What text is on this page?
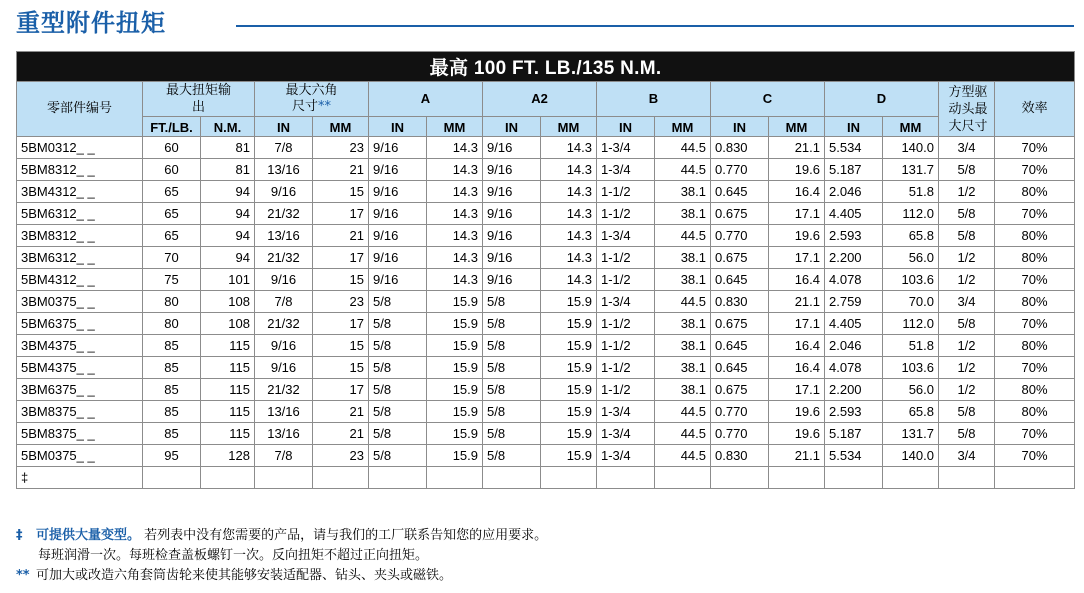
重型附件扭矩
最高 100 FT. LB./135 N.M.																
零部件编号	最大扭矩输出		最大六角
尺寸**		A		A2		B		C		D		方型驱动头最大尺寸	效率
	FT./LB.	N.M.	IN	MM	IN	MM	IN	MM	IN	MM	IN	MM	IN	MM		
5BM0312_ _	60	81	7/8	23	9/16	14.3	9/16	14.3	1-3/4	44.5	0.830	21.1	5.534	140.0	3/4	70%
5BM8312_ _	60	81	13/16	21	9/16	14.3	9/16	14.3	1-3/4	44.5	0.770	19.6	5.187	131.7	5/8	70%
3BM4312_ _	65	94	9/16	15	9/16	14.3	9/16	14.3	1-1/2	38.1	0.645	16.4	2.046	51.8	1/2	80%
5BM6312_ _	65	94	21/32	17	9/16	14.3	9/16	14.3	1-1/2	38.1	0.675	17.1	4.405	112.0	5/8	70%
3BM8312_ _	65	94	13/16	21	9/16	14.3	9/16	14.3	1-3/4	44.5	0.770	19.6	2.593	65.8	5/8	80%
3BM6312_ _	70	94	21/32	17	9/16	14.3	9/16	14.3	1-1/2	38.1	0.675	17.1	2.200	56.0	1/2	80%
5BM4312_ _	75	101	9/16	15	9/16	14.3	9/16	14.3	1-1/2	38.1	0.645	16.4	4.078	103.6	1/2	70%
3BM0375_ _	80	108	7/8	23	5/8	15.9	5/8	15.9	1-3/4	44.5	0.830	21.1	2.759	70.0	3/4	80%
5BM6375_ _	80	108	21/32	17	5/8	15.9	5/8	15.9	1-1/2	38.1	0.675	17.1	4.405	112.0	5/8	70%
3BM4375_ _	85	115	9/16	15	5/8	15.9	5/8	15.9	1-1/2	38.1	0.645	16.4	2.046	51.8	1/2	80%
5BM4375_ _	85	115	9/16	15	5/8	15.9	5/8	15.9	1-1/2	38.1	0.645	16.4	4.078	103.6	1/2	70%
3BM6375_ _	85	115	21/32	17	5/8	15.9	5/8	15.9	1-1/2	38.1	0.675	17.1	2.200	56.0	1/2	80%
3BM8375_ _	85	115	13/16	21	5/8	15.9	5/8	15.9	1-3/4	44.5	0.770	19.6	2.593	65.8	5/8	80%
5BM8375_ _	85	115	13/16	21	5/8	15.9	5/8	15.9	1-3/4	44.5	0.770	19.6	5.187	131.7	5/8	70%
5BM0375_ _	95	128	7/8	23	5/8	15.9	5/8	15.9	1-3/4	44.5	0.830	21.1	5.534	140.0	3/4	70%
‡																
‡ 可提供大量变型。 若列表中没有您需要的产品，请与我们的工厂联系告知您的应用要求。
每班润滑一次。每班检查盖板螺钉一次。反向扭矩不超过正向扭矩。
** 可加大或改造六角套筒齿轮来使其能够安装适配器、钻头、夹头或磁铁。
